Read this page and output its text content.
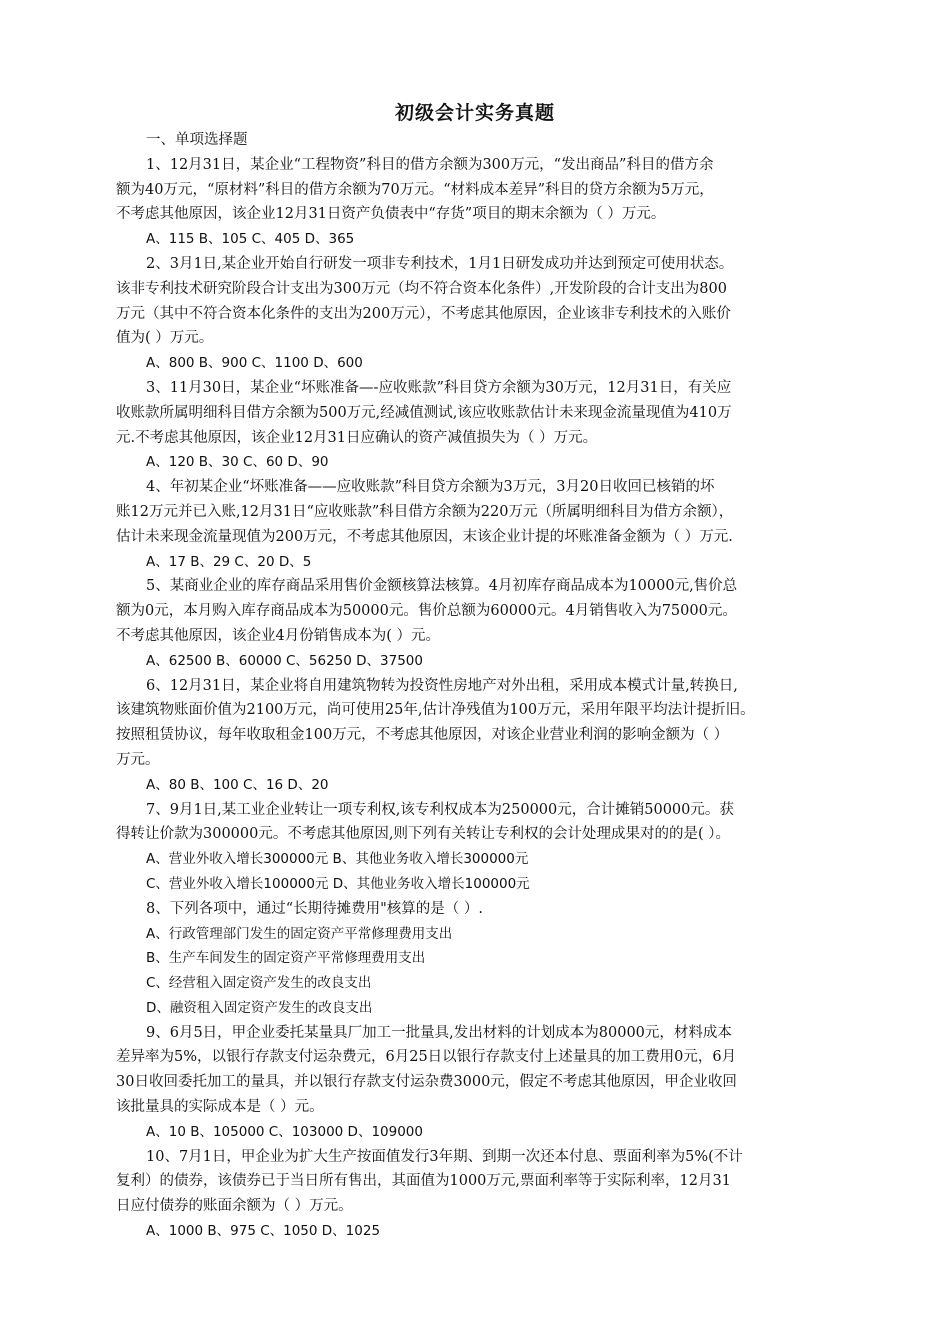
初级会计实务真题
一、单项选择题
1、12月31日，某企业“工程物资”科目的借方余额为300万元，“发出商品”科目的借方余
额为40万元，“原材料”科目的借方余额为70万元。“材料成本差异”科目的贷方余额为5万元，
不考虑其他原因，该企业12月31日资产负债表中“存货”项目的期末余额为（ ）万元。
A、115 B、105 C、405 D、365
2、3月1日,某企业开始自行研发一项非专利技术，1月1日研发成功并达到预定可使用状态。
该非专利技术研究阶段合计支出为300万元（均不符合资本化条件）,开发阶段的合计支出为800
万元（其中不符合资本化条件的支出为200万元），不考虑其他原因，企业该非专利技术的入账价
值为( ）万元。
A、800 B、900 C、1100 D、600
3、11月30日，某企业“坏账准备—-应收账款”科目贷方余额为30万元，12月31日，有关应
收账款所属明细科目借方余额为500万元,经减值测试,该应收账款估计未来现金流量现值为410万
元.不考虑其他原因，该企业12月31日应确认的资产减值损失为（ ）万元。
A、120 B、30 C、60 D、90
4、年初某企业“坏账准备——应收账款”科目贷方余额为3万元，3月20日收回已核销的坏
账12万元并已入账,12月31日“应收账款”科目借方余额为220万元（所属明细科目为借方余额），
估计未来现金流量现值为200万元，不考虑其他原因，末该企业计提的坏账准备金额为（ ）万元.
A、17 B、29 C、20 D、5
5、某商业企业的库存商品采用售价金额核算法核算。4月初库存商品成本为10000元,售价总
额为0元，本月购入库存商品成本为50000元。售价总额为60000元。4月销售收入为75000元。
不考虑其他原因，该企业4月份销售成本为( ）元。
A、62500 B、60000 C、56250 D、37500
6、12月31日，某企业将自用建筑物转为投资性房地产对外出租，采用成本模式计量,转换日,
该建筑物账面价值为2100万元，尚可使用25年,估计净残值为100万元，采用年限平均法计提折旧。
按照租赁协议，每年收取租金100万元，不考虑其他原因，对该企业营业利润的影响金额为（ ）
万元。
A、80 B、100 C、16 D、20
7、9月1日,某工业企业转让一项专利权,该专利权成本为250000元，合计摊销50000元。获
得转让价款为300000元。不考虑其他原因,则下列有关转让专利权的会计处理成果对的的是( ）。
A、营业外收入增长300000元 B、其他业务收入增长300000元
C、营业外收入增长100000元 D、其他业务收入增长100000元
8、下列各项中，通过“长期待摊费用"核算的是（ ）.
A、行政管理部门发生的固定资产平常修理费用支出
B、生产车间发生的固定资产平常修理费用支出
C、经营租入固定资产发生的改良支出
D、融资租入固定资产发生的改良支出
9、6月5日，甲企业委托某量具厂加工一批量具,发出材料的计划成本为80000元，材料成本
差异率为5%，以银行存款支付运杂费元，6月25日以银行存款支付上述量具的加工费用0元，6月
30日收回委托加工的量具，并以银行存款支付运杂费3000元，假定不考虑其他原因，甲企业收回
该批量具的实际成本是（ ）元。
A、10 B、105000 C、103000 D、109000
10、7月1日，甲企业为扩大生产按面值发行3年期、到期一次还本付息、票面利率为5%(不计
复利）的债券，该债券已于当日所有售出，其面值为1000万元,票面利率等于实际利率，12月31
日应付债券的账面余额为（ ）万元。
A、1000 B、975 C、1050 D、1025
